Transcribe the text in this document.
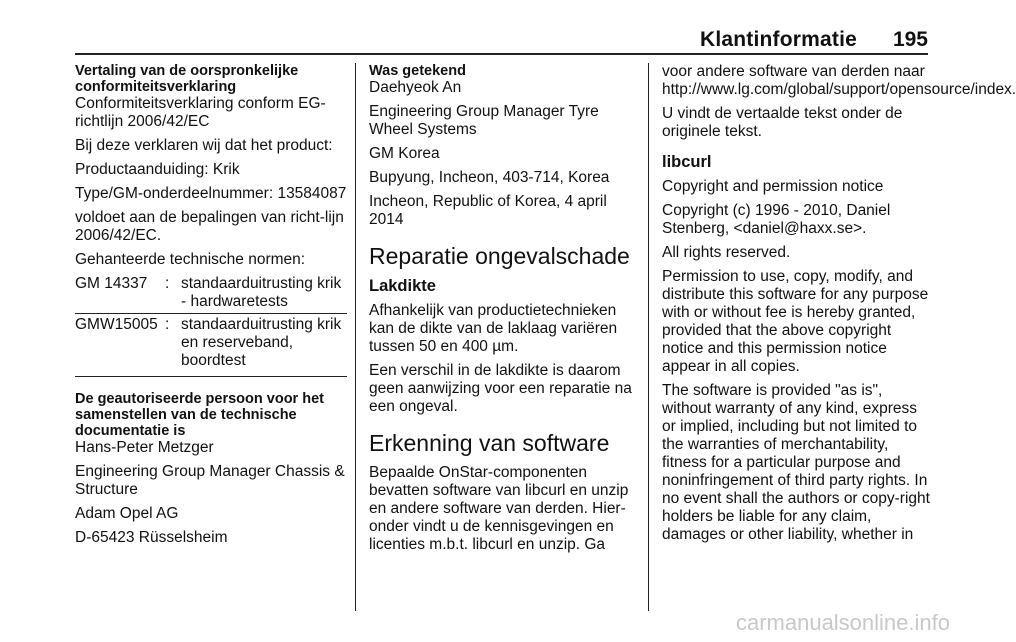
Klantinformatie	195
Vertaling van de oorspronkelijke conformiteitsverklaring

Conformiteitsverklaring conform EG-richtlijn 2006/42/EC

Bij deze verklaren wij dat het product:

Productaanduiding: Krik

Type/GM-onderdeelnummer: 13584087

voldoet aan de bepalingen van richt-lijn 2006/42/EC.

Gehanteerde technische normen:

GM 14337	:	standaarduitrusting krik - hardwaretests
GMW15005	:	standaarduitrusting krik en reserveband, boordtest
De geautoriseerde persoon voor het samenstellen van de technische documentatie is

Hans-Peter Metzger

Engineering Group Manager Chassis & Structure

Adam Opel AG

D-65423 Rüsselsheim

Was getekend

Daehyeok An

Engineering Group Manager Tyre Wheel Systems

GM Korea

Bupyung, Incheon, 403-714, Korea

Incheon, Republic of Korea, 4 april 2014

Reparatie ongevalschade
Lakdikte

Afhankelijk van productietechnieken kan de dikte van de laklaag variëren tussen 50 en 400 µm.

Een verschil in de lakdikte is daarom geen aanwijzing voor een reparatie na een ongeval.

Erkenning van software

Bepaalde OnStar-componenten bevatten software van libcurl en unzip en andere software van derden. Hier-onder vindt u de kennisgevingen en licenties m.b.t. libcurl en unzip. Ga

voor andere software van derden naar http://www.lg.com/global/support/opensource/index.

U vindt de vertaalde tekst onder de originele tekst.

libcurl

Copyright and permission notice

Copyright (c) 1996 - 2010, Daniel Stenberg, <daniel@haxx.se>.

All rights reserved.

Permission to use, copy, modify, and distribute this software for any purpose with or without fee is hereby granted, provided that the above copyright notice and this permission notice appear in all copies.

The software is provided "as is", without warranty of any kind, express or implied, including but not limited to the warranties of merchantability, fitness for a particular purpose and noninfringement of third party rights. In no event shall the authors or copy-right holders be liable for any claim, damages or other liability, whether in

carmanualsonline.info
